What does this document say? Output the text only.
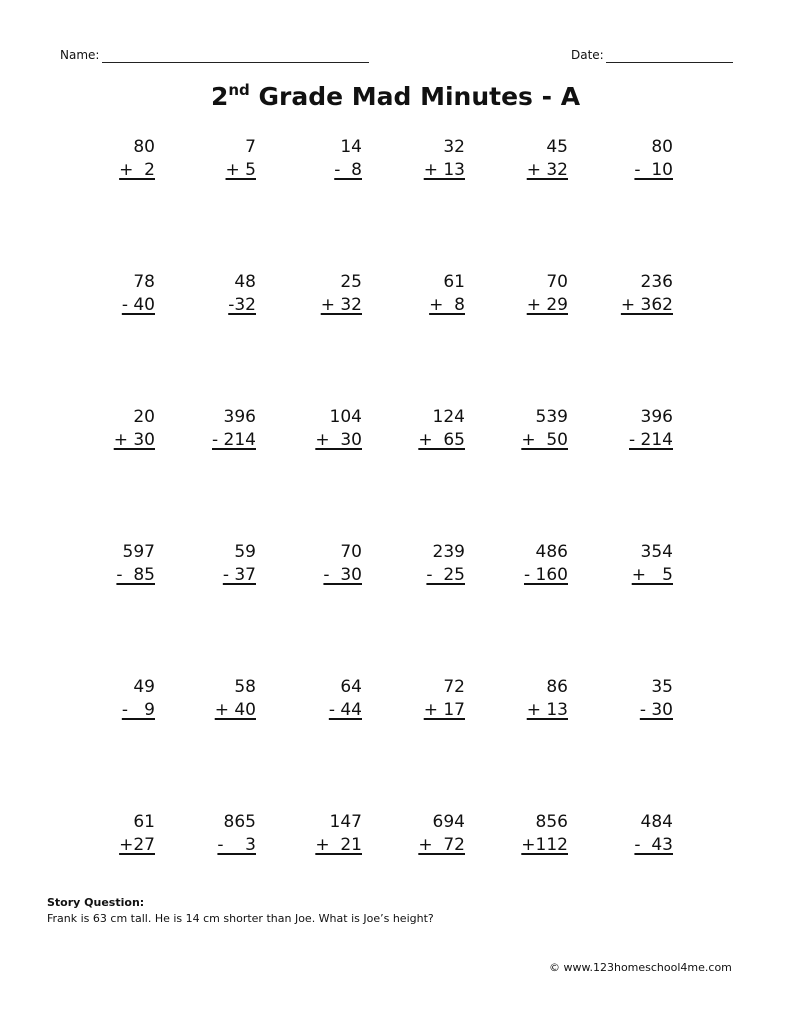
Name:	Date:
2nd Grade Mad Minutes - A
80
+  2
7
+ 5
14
-  8
32
+ 13
45
+ 32
80
-  10
78
- 40
48
-32
25
+ 32
61
+  8
70
+ 29
236
+ 362
20
+ 30
396
- 214
104
+  30
124
+  65
539
+  50
396
- 214
597
-  85
59
- 37
70
-  30
239
-  25
486
- 160
354
+   5
49
-   9
58
+ 40
64
- 44
72
+ 17
86
+ 13
35
- 30
61
+27
865
-    3
147
+  21
694
+  72
856
+112
484
-  43
Story Question:
Frank is 63 cm tall. He is 14 cm shorter than Joe. What is Joe’s height?
© www.123homeschool4me.com
